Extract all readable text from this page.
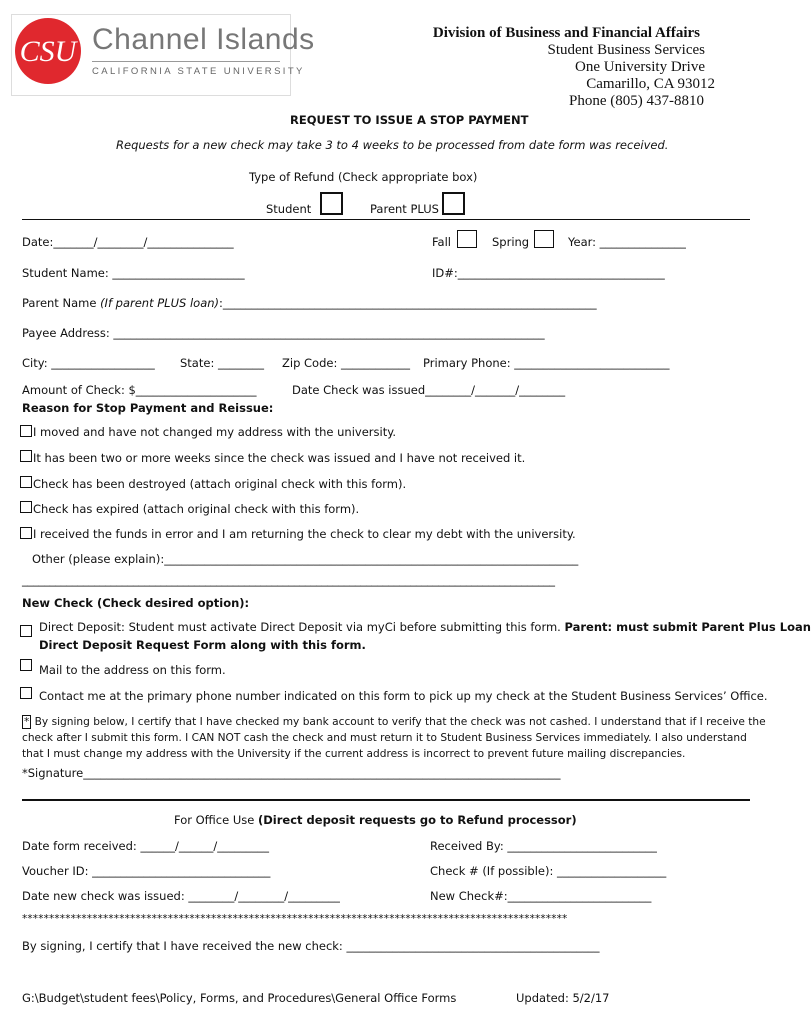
CSU Channel Islands
CALIFORNIA STATE UNIVERSITY
Division of Business and Financial Affairs
Student Business Services
One University Drive
Camarillo, CA 93012
Phone (805) 437-8810
REQUEST TO ISSUE A STOP PAYMENT
Requests for a new check may take 3 to 4 weeks to be processed from date form was received.
Type of Refund (Check appropriate box)
Student	Parent PLUS
Date:_______/________/_______________	Fall	Spring	Year: _______________
Student Name: _______________________	ID#:____________________________________
Parent Name (If parent PLUS loan):_________________________________________________________________
Payee Address: ___________________________________________________________________________
City: __________________ State: ________ Zip Code: ____________ Primary Phone: ___________________________
Amount of Check: $_____________________	Date Check was issued________/_______/________
Reason for Stop Payment and Reissue:
I moved and have not changed my address with the university.
It has been two or more weeks since the check was issued and I have not received it.
Check has been destroyed (attach original check with this form).
Check has expired (attach original check with this form).
I received the funds in error and I am returning the check to clear my debt with the university.
Other (please explain):________________________________________________________________________
________________________________________________________________________________________________
New Check (Check desired option):
Direct Deposit: Student must activate Direct Deposit via myCi before submitting this form. Parent: must submit Parent Plus Loan
Direct Deposit Request Form along with this form.
Mail to the address on this form.
Contact me at the primary phone number indicated on this form to pick up my check at the Student Business Services’ Office.
* By signing below, I certify that I have checked my bank account to verify that the check was not cashed. I understand that if I receive the check after I submit this form. I CAN NOT cash the check and must return it to Student Business Services immediately. I also understand that I must change my address with the University if the current address is incorrect to prevent future mailing discrepancies.
*Signature___________________________________________________________________________________
For Office Use (Direct deposit requests go to Refund processor)
Date form received: ______/______/_________	Received By: __________________________
Voucher ID: _______________________________	Check # (If possible): ___________________
Date new check was issued: ________/________/_________	New Check#:_________________________
*****************************************************************************************************
By signing, I certify that I have received the new check: ____________________________________________
G:\Budget\student fees\Policy, Forms, and Procedures\General Office Forms	Updated: 5/2/17
